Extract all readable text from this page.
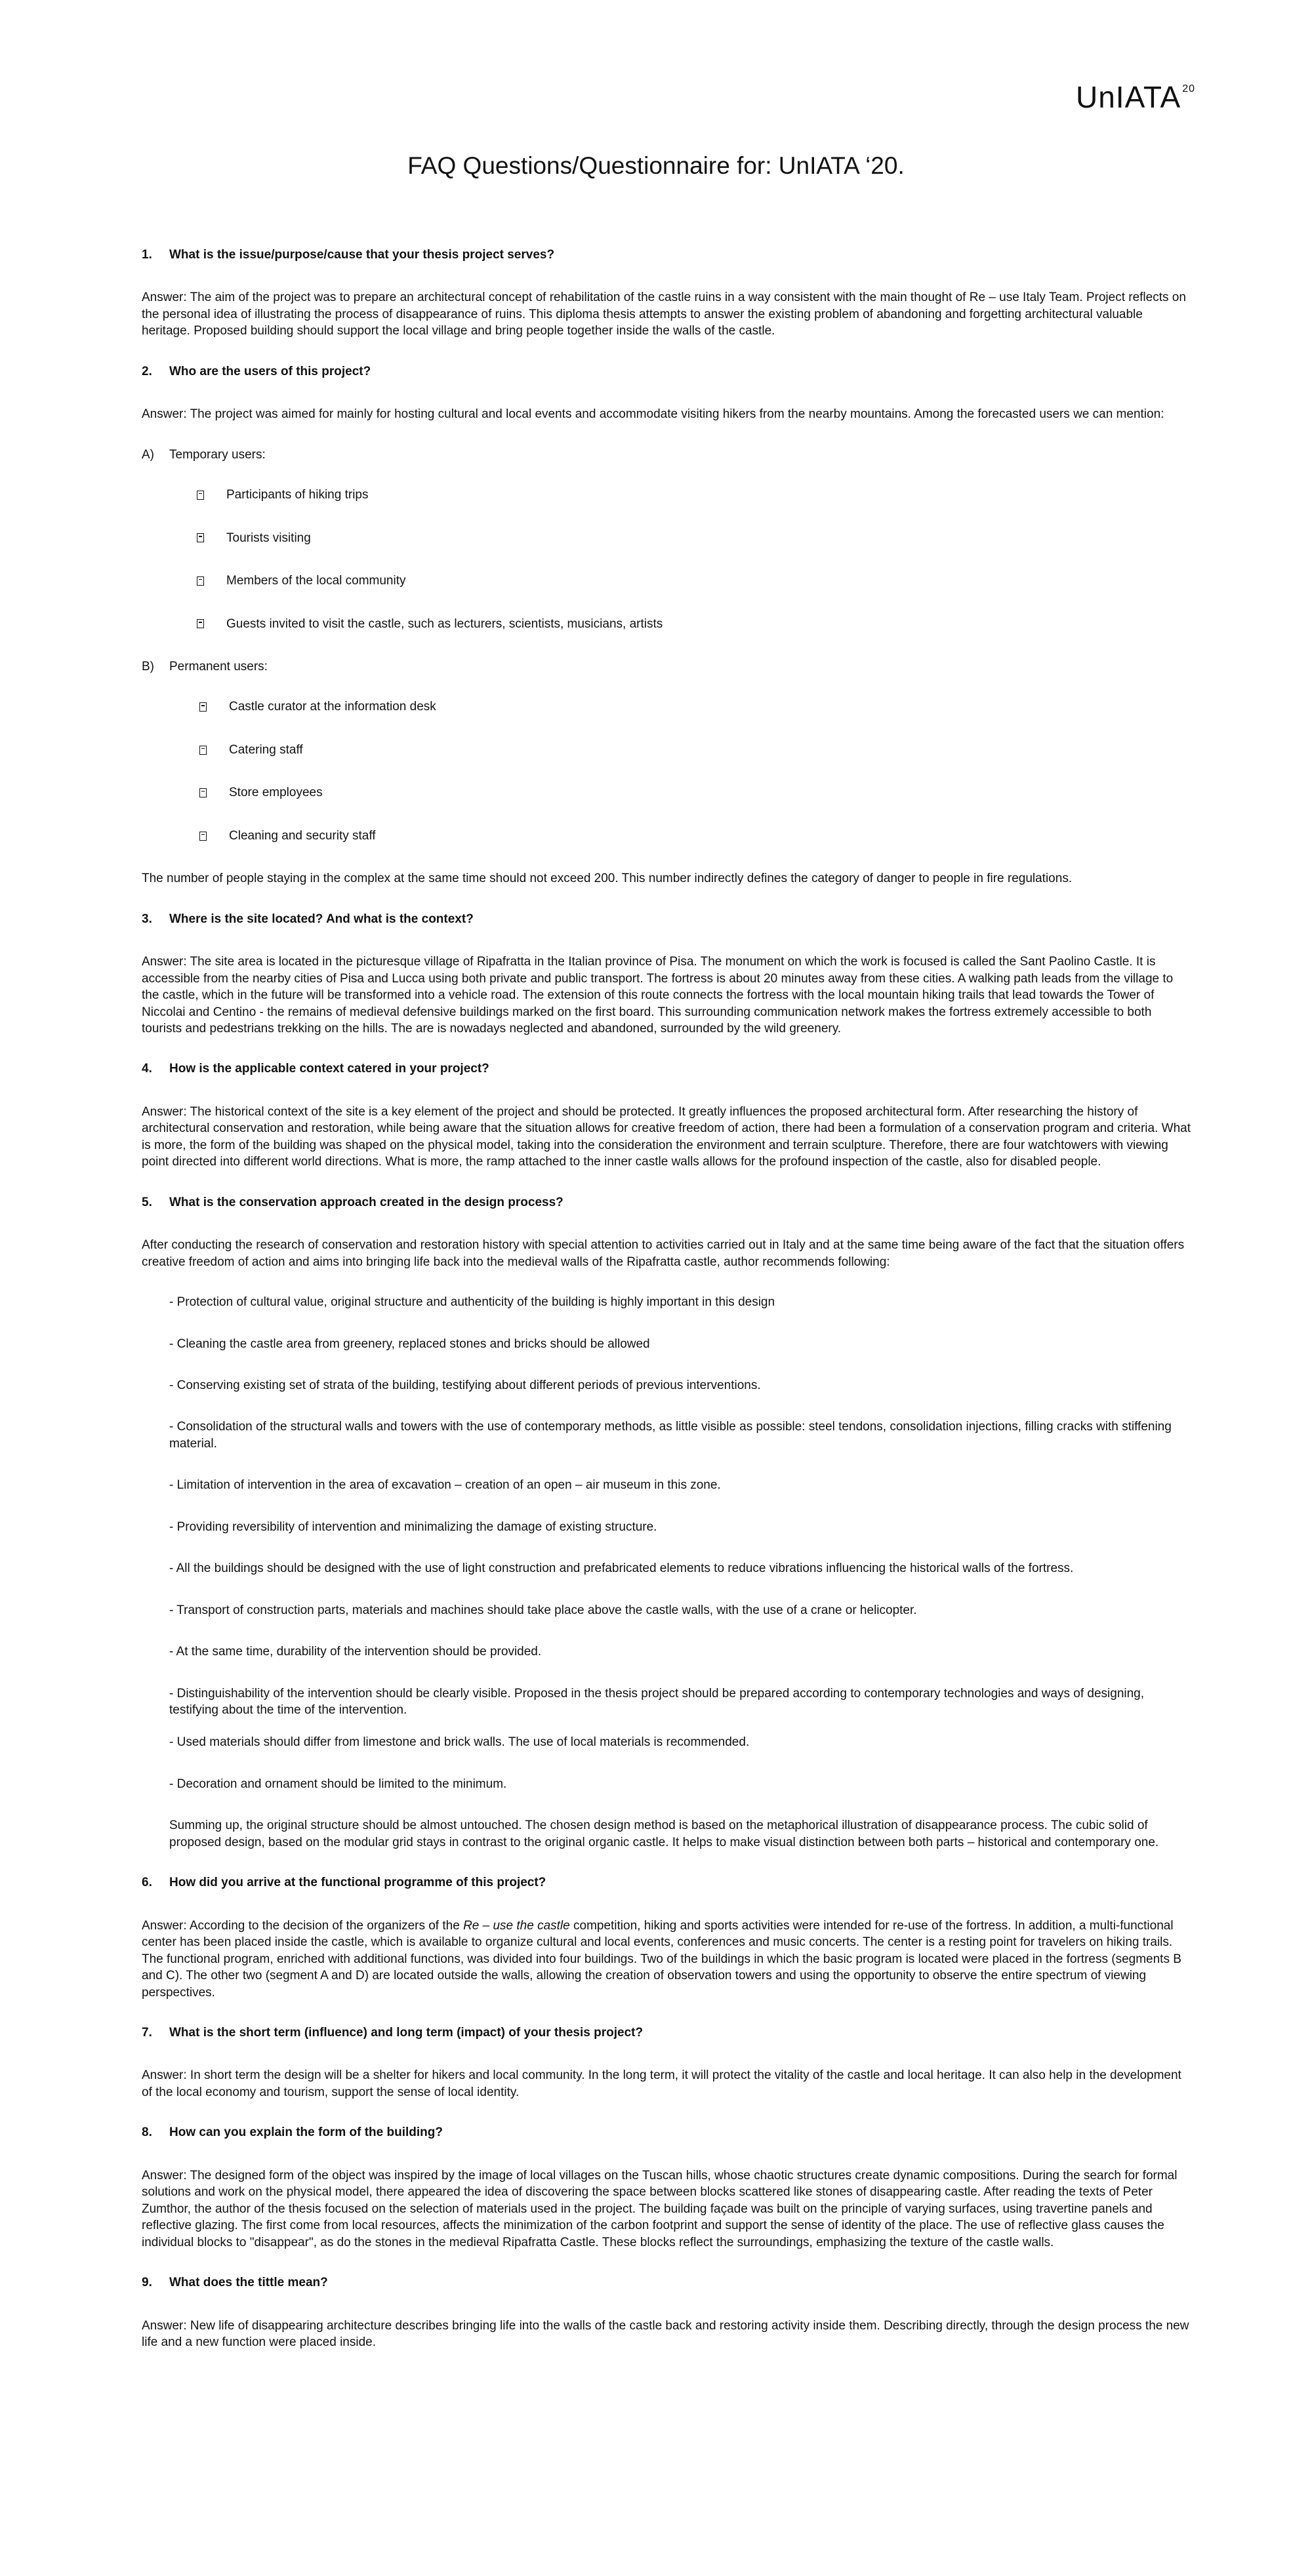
UnIATA $^{20}$
FAQ Questions/Questionnaire for: UnIATA ‘20.
1.	What is the issue/purpose/cause that your thesis project serves?

Answer: The aim of the project was to prepare an architectural concept of rehabilitation of the castle ruins in a way consistent with the main thought of Re – use Italy Team. Project reflects on the personal idea of illustrating the process of disappearance of ruins. This diploma thesis attempts to answer the existing problem of abandoning and forgetting architectural valuable heritage. Proposed building should support the local village and bring people together inside the walls of the castle.

2.	Who are the users of this project?

Answer: The project was aimed for mainly for hosting cultural and local events and accommodate visiting hikers from the nearby mountains. Among the forecasted users we can mention:

A)	Temporary users:
Participants of hiking trips
Tourists visiting
Members of the local community
Guests invited to visit the castle, such as lecturers, scientists, musicians, artists
B)	Permanent users:
Castle curator at the information desk
Catering staff
Store employees
Cleaning and security staff

The number of people staying in the complex at the same time should not exceed 200. This number indirectly defines the category of danger to people in fire regulations.

3.	Where is the site located? And what is the context?

Answer: The site area is located in the picturesque village of Ripafratta in the Italian province of Pisa. The monument on which the work is focused is called the Sant Paolino Castle. It is accessible from the nearby cities of Pisa and Lucca using both private and public transport. The fortress is about 20 minutes away from these cities. A walking path leads from the village to the castle, which in the future will be transformed into a vehicle road. The extension of this route connects the fortress with the local mountain hiking trails that lead towards the Tower of Niccolai and Centino - the remains of medieval defensive buildings marked on the first board. This surrounding communication network makes the fortress extremely accessible to both tourists and pedestrians trekking on the hills. The are is nowadays neglected and abandoned, surrounded by the wild greenery.

4.	How is the applicable context catered in your project?

Answer: The historical context of the site is a key element of the project and should be protected. It greatly influences the proposed architectural form. After researching the history of architectural conservation and restoration, while being aware that the situation allows for creative freedom of action, there had been a formulation of a conservation program and criteria. What is more, the form of the building was shaped on the physical model, taking into the consideration the environment and terrain sculpture. Therefore, there are four watchtowers with viewing point directed into different world directions. What is more, the ramp attached to the inner castle walls allows for the profound inspection of the castle, also for disabled people.

5.	What is the conservation approach created in the design process?

After conducting the research of conservation and restoration history with special attention to activities carried out in Italy and at the same time being aware of the fact that the situation offers creative freedom of action and aims into bringing life back into the medieval walls of the Ripafratta castle, author recommends following:

- Protection of cultural value, original structure and authenticity of the building is highly important in this design
- Cleaning the castle area from greenery, replaced stones and bricks should be allowed
- Conserving existing set of strata of the building, testifying about different periods of previous interventions.
- Consolidation of the structural walls and towers with the use of contemporary methods, as little visible as possible: steel tendons, consolidation injections, filling cracks with stiffening material.
- Limitation of intervention in the area of excavation – creation of an open – air museum in this zone.
- Providing reversibility of intervention and minimalizing the damage of existing structure.
- All the buildings should be designed with the use of light construction and prefabricated elements to reduce vibrations influencing the historical walls of the fortress.
- Transport of construction parts, materials and machines should take place above the castle walls, with the use of a crane or helicopter.
- At the same time, durability of the intervention should be provided.
- Distinguishability of the intervention should be clearly visible. Proposed in the thesis project should be prepared according to contemporary technologies and ways of designing, testifying about the time of the intervention.
- Used materials should differ from limestone and brick walls. The use of local materials is recommended.
- Decoration and ornament should be limited to the minimum.

Summing up, the original structure should be almost untouched. The chosen design method is based on the metaphorical illustration of disappearance process. The cubic solid of proposed design, based on the modular grid stays in contrast to the original organic castle. It helps to make visual distinction between both parts – historical and contemporary one.

6.	How did you arrive at the functional programme of this project?

Answer: According to the decision of the organizers of the Re – use the castle competition, hiking and sports activities were intended for re-use of the fortress. In addition, a multi-functional center has been placed inside the castle, which is available to organize cultural and local events, conferences and music concerts. The center is a resting point for travelers on hiking trails. The functional program, enriched with additional functions, was divided into four buildings. Two of the buildings in which the basic program is located were placed in the fortress (segments B and C). The other two (segment A and D) are located outside the walls, allowing the creation of observation towers and using the opportunity to observe the entire spectrum of viewing perspectives.

7.	What is the short term (influence) and long term (impact) of your thesis project?

Answer: In short term the design will be a shelter for hikers and local community. In the long term, it will protect the vitality of the castle and local heritage. It can also help in the development of the local economy and tourism, support the sense of local identity.

8.	How can you explain the form of the building?

Answer: The designed form of the object was inspired by the image of local villages on the Tuscan hills, whose chaotic structures create dynamic compositions. During the search for formal solutions and work on the physical model, there appeared the idea of discovering the space between blocks scattered like stones of disappearing castle. After reading the texts of Peter Zumthor, the author of the thesis focused on the selection of materials used in the project. The building façade was built on the principle of varying surfaces, using travertine panels and reflective glazing. The first come from local resources, affects the minimization of the carbon footprint and support the sense of identity of the place. The use of reflective glass causes the individual blocks to "disappear", as do the stones in the medieval Ripafratta Castle. These blocks reflect the surroundings, emphasizing the texture of the castle walls.

9.	What does the tittle mean?

Answer: New life of disappearing architecture describes bringing life into the walls of the castle back and restoring activity inside them. Describing directly, through the design process the new life and a new function were placed inside.
